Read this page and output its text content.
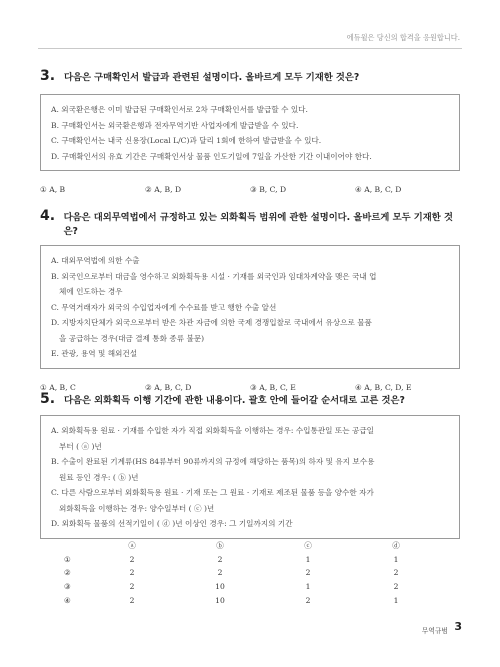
에듀윌은 당신의 합격을 응원합니다.
3. 다음은 구매확인서 발급과 관련된 설명이다. 올바르게 모두 기재한 것은?
A. 외국환은행은 이미 발급된 구매확인서로 2차 구매확인서를 발급할 수 있다.
B. 구매확인서는 외국환은행과 전자무역기반 사업자에게 발급받을 수 있다.
C. 구매확인서는 내국 신용장(Local L/C)과 달리 1회에 한하여 발급받을 수 있다.
D. 구매확인서의 유효 기간은 구매확인서상 물품 인도기일에 7일을 가산한 기간 이내이어야 한다.
① A, B	② A, B, D	③ B, C, D	④ A, B, C, D
4. 다음은 대외무역법에서 규정하고 있는 외화획득 범위에 관한 설명이다. 올바르게 모두 기재한 것은?
A. 대외무역법에 의한 수출
B. 외국인으로부터 대금을 영수하고 외화획득용 시설 · 기재를 외국인과 임대차계약을 맺은 국내 업
체에 인도하는 경우
C. 무역거래자가 외국의 수입업자에게 수수료를 받고 행한 수출 알선
D. 지방자치단체가 외국으로부터 받은 차관 자금에 의한 국제 경쟁입찰로 국내에서 유상으로 물품
을 공급하는 경우(대금 결제 통화 종류 불문)
E. 관광, 용역 및 해외건설
① A, B, C	② A, B, C, D	③ A, B, C, E	④ A, B, C, D, E
5. 다음은 외화획득 이행 기간에 관한 내용이다. 괄호 안에 들어갈 순서대로 고른 것은?
A. 외화획득용 원료 · 기재를 수입한 자가 직접 외화획득을 이행하는 경우: 수입통관일 또는 공급일
부터 ( ⓐ )년
B. 수출이 완료된 기계류(HS 84류부터 90류까지의 규정에 해당하는 품목)의 하자 및 유지 보수용
원료 등인 경우: ( ⓑ )년
C. 다른 사람으로부터 외화획득용 원료 · 기재 또는 그 원료 · 기재로 제조된 물품 등을 양수한 자가
외화획득을 이행하는 경우: 양수일부터 ( ⓒ )년
D. 외화획득 물품의 선적기일이 ( ⓓ )년 이상인 경우: 그 기일까지의 기간
	ⓐ	ⓑ	ⓒ	ⓓ
①	2	2	1	1
②	2	2	2	2
③	2	10	1	2
④	2	10	2	1
무역규범 3
